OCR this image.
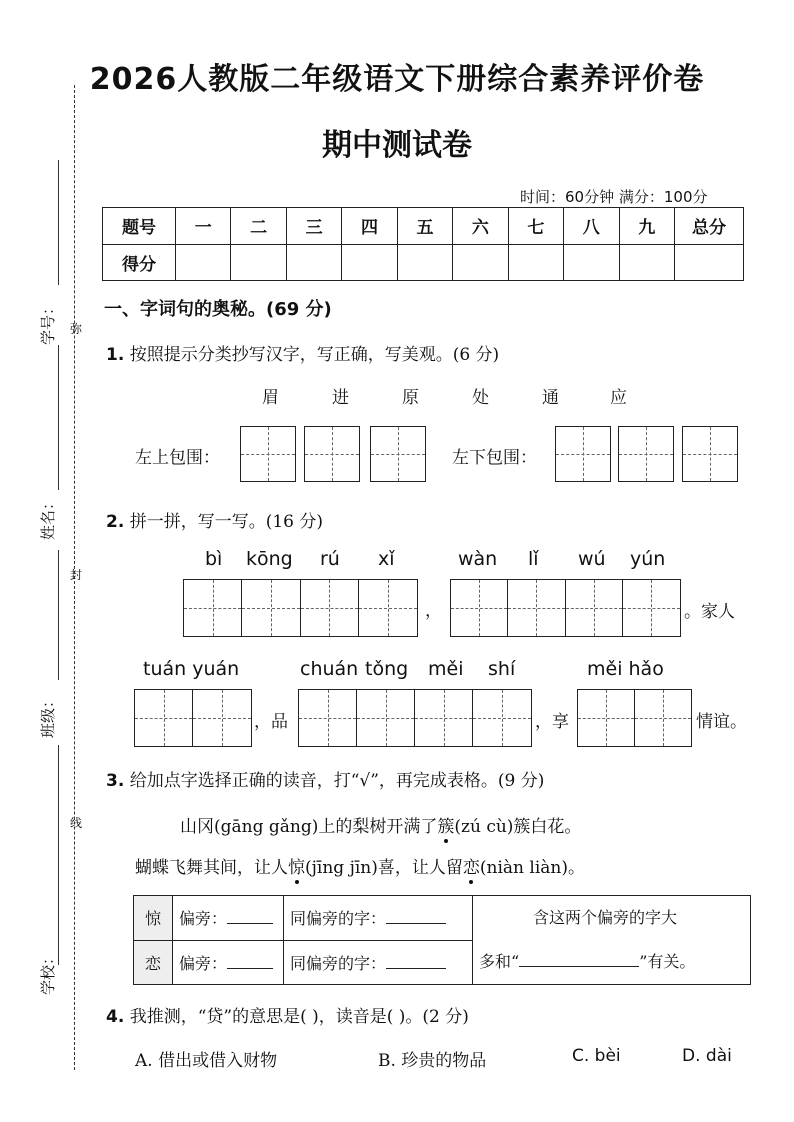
学号：
姓名：
班级：
学校：
弥
封
线
2026人教版二年级语文下册综合素养评价卷
期中测试卷
时间：60分钟 满分：100分
题号	一	二	三	四	五	六	七	八	九	总分
得分										
一、字词句的奥秘。(69 分)
1. 按照提示分类抄写汉字，写正确，写美观。(6 分)
眉	进	原	处	通	应
左上包围：	左下包围：
2. 拼一拼，写一写。(16 分)
bì kōng rú xǐ	wàn lǐ wú yún
，	。家人
tuán yuán	chuán tǒng měi shí	měi hǎo
，品	，享	情谊。
3. 给加点字选择正确的读音，打“√”，再完成表格。(9 分)
山冈(gāng gǎng)上的梨树开满了簇(zú cù)簇白花。
蝴蝶飞舞其间，让人惊(jīng jīn)喜，让人留恋(niàn liàn)。
惊	偏旁：	同偏旁的字：	含这两个偏旁的字大
多和“ ”有关。

恋	偏旁：	同偏旁的字：	
4. 我推测，“贷”的意思是( )，读音是( )。(2 分)
A. 借出或借入财物	B. 珍贵的物品	C. bèi	D. dài
